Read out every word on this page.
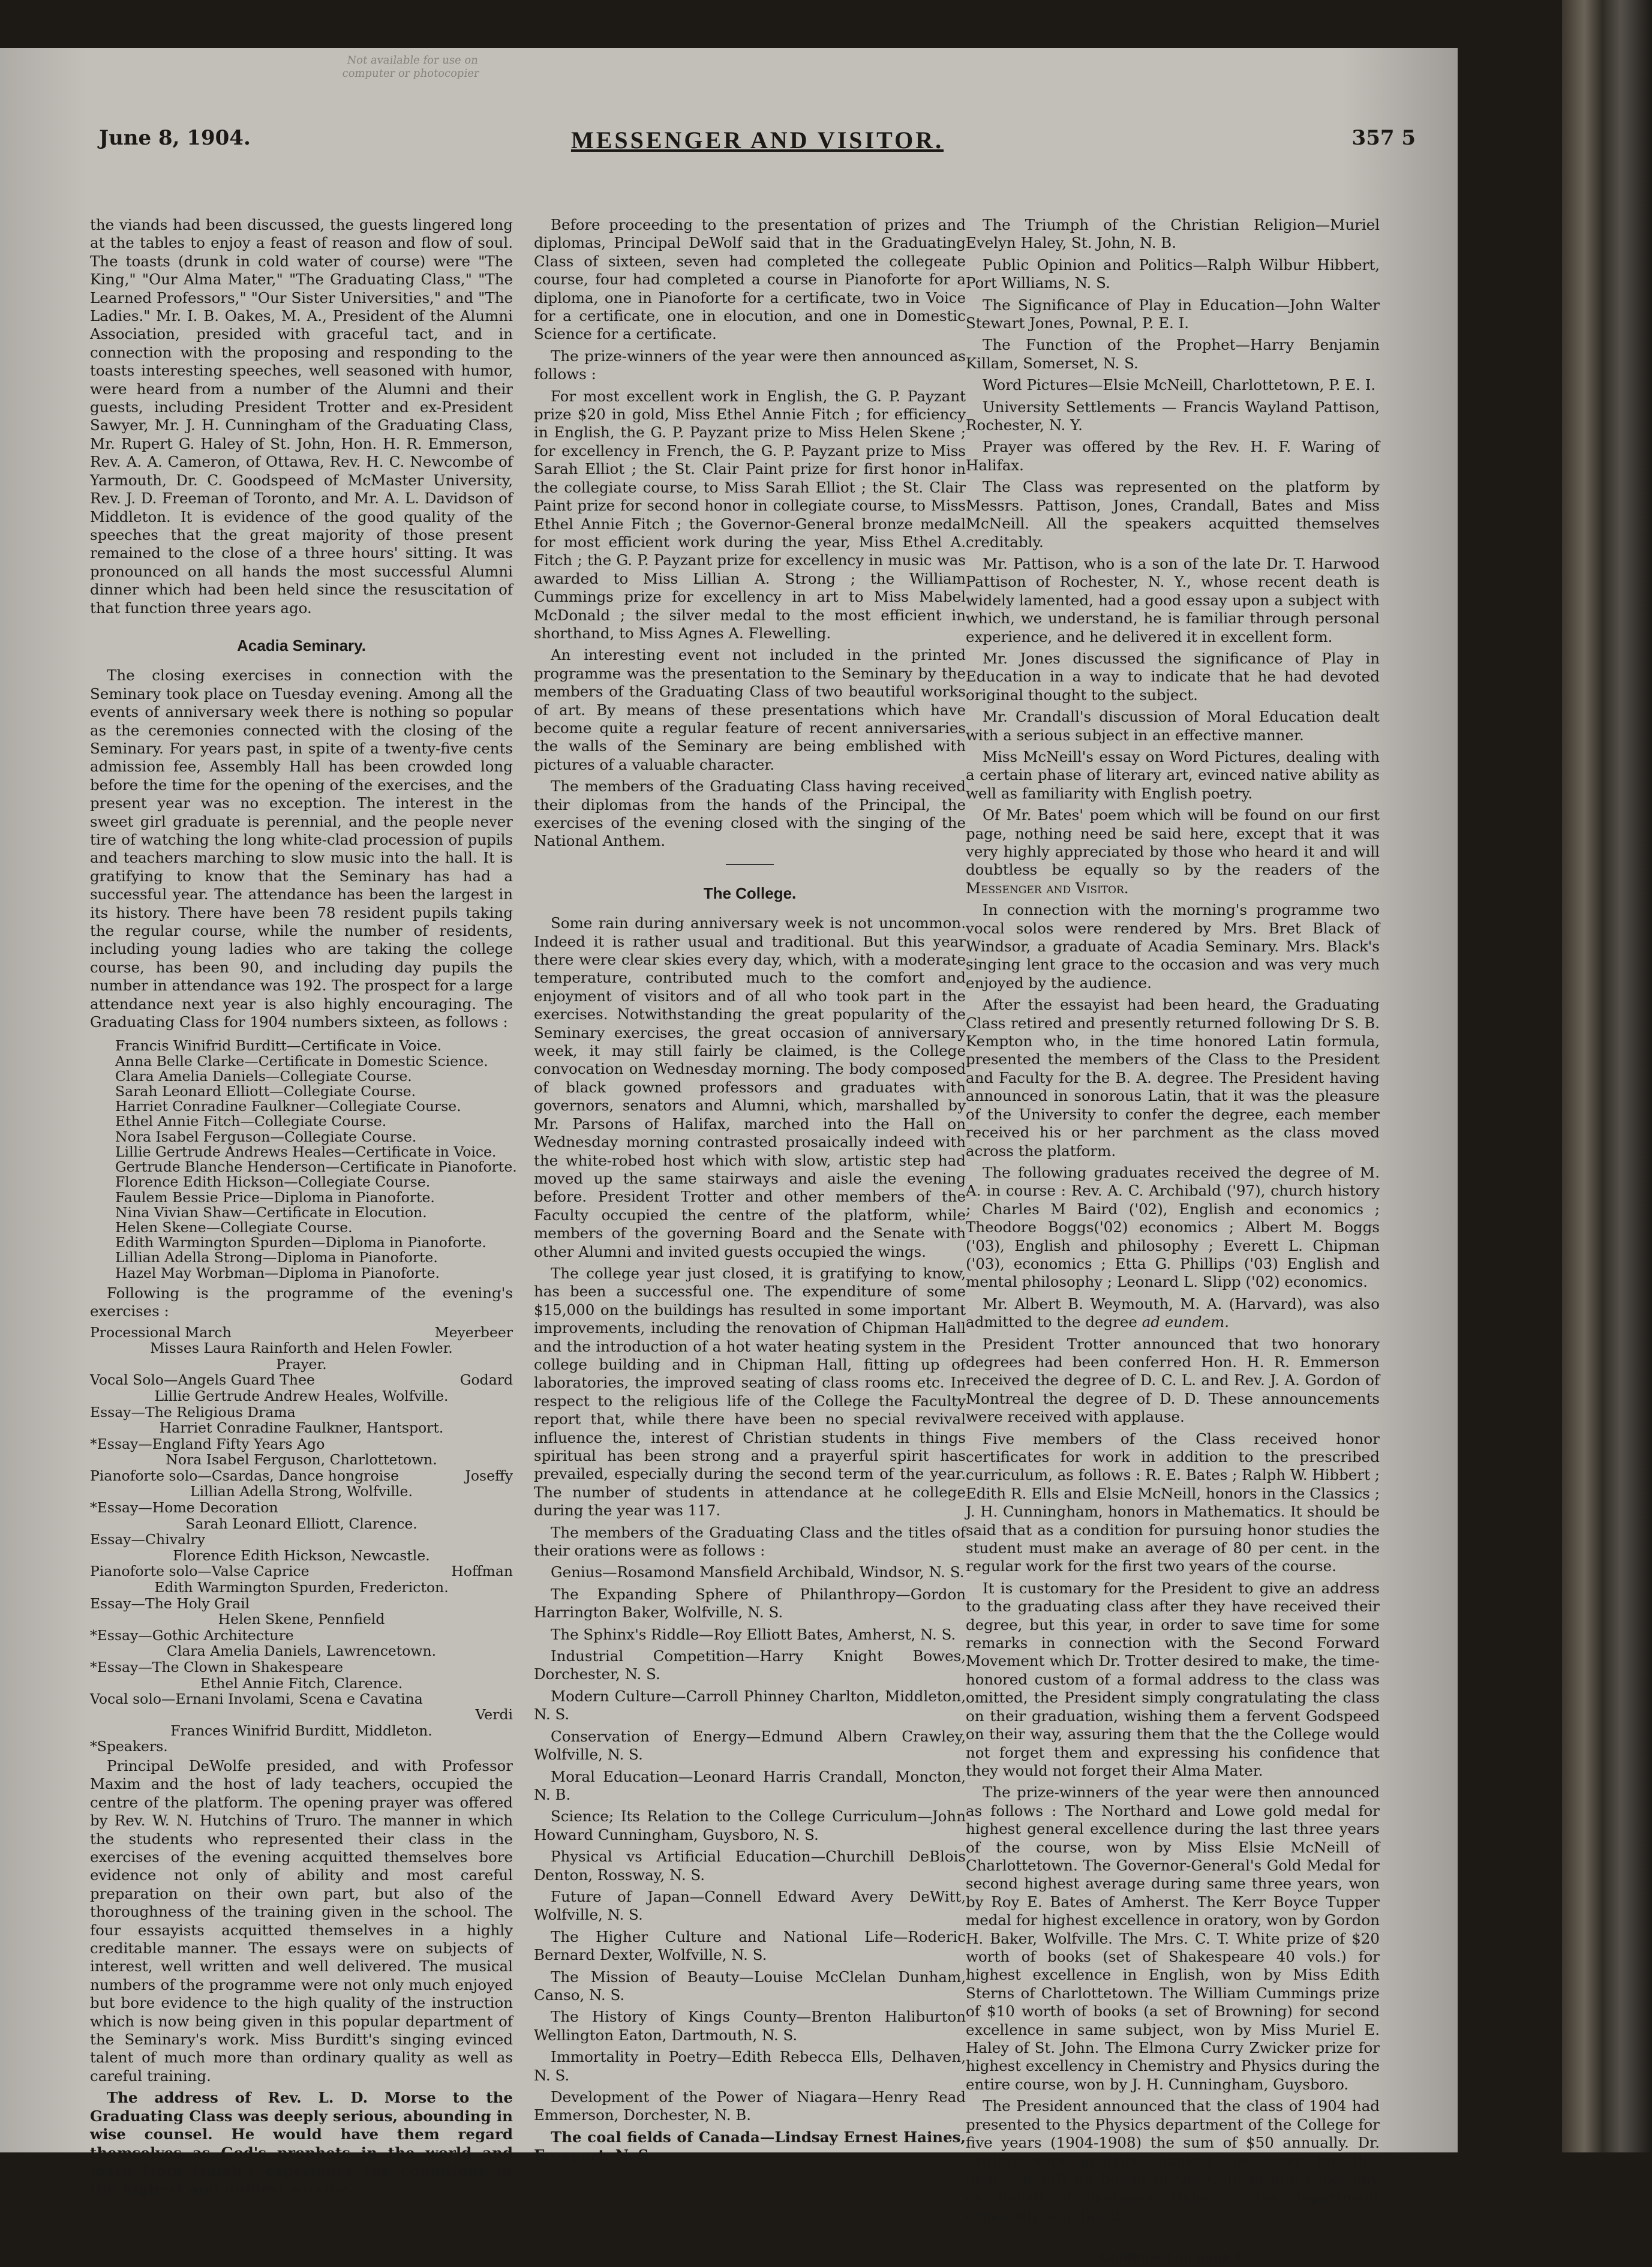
Not available for use on
computer or photocopier
June 8, 1904.	MESSENGER AND VISITOR.	357 5

the viands had been discussed, the guests lingered long at the tables to enjoy a feast of reason and flow of soul. The toasts (drunk in cold water of course) were "The King," "Our Alma Mater," "The Graduating Class," "The Learned Professors," "Our Sister Universities," and "The Ladies." Mr. I. B. Oakes, M. A., President of the Alumni Association, presided with graceful tact, and in connection with the proposing and responding to the toasts interesting speeches, well seasoned with humor, were heard from a number of the Alumni and their guests, including President Trotter and ex-President Sawyer, Mr. J. H. Cunningham of the Graduating Class, Mr. Rupert G. Haley of St. John, Hon. H. R. Emmerson, Rev. A. A. Cameron, of Ottawa, Rev. H. C. Newcombe of Yarmouth, Dr. C. Goodspeed of McMaster University, Rev. J. D. Freeman of Toronto, and Mr. A. L. Davidson of Middleton. It is evidence of the good quality of the speeches that the great majority of those present remained to the close of a three hours' sitting. It was pronounced on all hands the most successful Alumni dinner which had been held since the resuscitation of that function three years ago.

Acadia Seminary.

The closing exercises in connection with the Seminary took place on Tuesday evening. Among all the events of anniversary week there is nothing so popular as the ceremonies connected with the closing of the Seminary. For years past, in spite of a twenty-five cents admission fee, Assembly Hall has been crowded long before the time for the opening of the exercises, and the present year was no exception. The interest in the sweet girl graduate is perennial, and the people never tire of watching the long white-clad procession of pupils and teachers marching to slow music into the hall. It is gratifying to know that the Seminary has had a successful year. The attendance has been the largest in its history. There have been 78 resident pupils taking the regular course, while the number of residents, including young ladies who are taking the college course, has been 90, and including day pupils the number in attendance was 192. The prospect for a large attendance next year is also highly encouraging. The Graduating Class for 1904 numbers sixteen, as follows :

Francis Winifrid Burditt—Certificate in Voice.
Anna Belle Clarke—Certificate in Domestic Science.
Clara Amelia Daniels—Collegiate Course.
Sarah Leonard Elliott—Collegiate Course.
Harriet Conradine Faulkner—Collegiate Course.
Ethel Annie Fitch—Collegiate Course.
Nora Isabel Ferguson—Collegiate Course.
Lillie Gertrude Andrews Heales—Certificate in Voice.
Gertrude Blanche Henderson—Certificate in Pianoforte.
Florence Edith Hickson—Collegiate Course.
Faulem Bessie Price—Diploma in Pianoforte.
Nina Vivian Shaw—Certificate in Elocution.
Helen Skene—Collegiate Course.
Edith Warmington Spurden—Diploma in Pianoforte.
Lillian Adella Strong—Diploma in Pianoforte.
Hazel May Worbman—Diploma in Pianoforte.

Following is the programme of the evening's exercises :

Processional March	Meyerbeer
Misses Laura Rainforth and Helen Fowler.
Prayer.
Vocal Solo—Angels Guard Thee	Godard
Lillie Gertrude Andrew Heales, Wolfville.
Essay—The Religious Drama
Harriet Conradine Faulkner, Hantsport.
*Essay—England Fifty Years Ago
Nora Isabel Ferguson, Charlottetown.
Pianoforte solo—Csardas, Dance hongroise	Joseffy
Lillian Adella Strong, Wolfville.
*Essay—Home Decoration
Sarah Leonard Elliott, Clarence.
Essay—Chivalry
Florence Edith Hickson, Newcastle.
Pianoforte solo—Valse Caprice	Hoffman
Edith Warmington Spurden, Fredericton.
Essay—The Holy Grail
Helen Skene, Pennfield
*Essay—Gothic Architecture
Clara Amelia Daniels, Lawrencetown.
*Essay—The Clown in Shakespeare
Ethel Annie Fitch, Clarence.
Vocal solo—Ernani Involami, Scena e Cavatina
Verdi
Frances Winifrid Burditt, Middleton.
*Speakers.

Principal DeWolfe presided, and with Professor Maxim and the host of lady teachers, occupied the centre of the platform. The opening prayer was offered by Rev. W. N. Hutchins of Truro. The manner in which the students who represented their class in the exercises of the evening acquitted themselves bore evidence not only of ability and most careful preparation on their own part, but also of the thoroughness of the training given in the school. The four essayists acquitted themselves in a highly creditable manner. The essays were on subjects of interest, well written and well delivered. The musical numbers of the programme were not only much enjoyed but bore evidence to the high quality of the instruction which is now being given in this popular department of the Seminary's work. Miss Burditt's singing evinced talent of much more than ordinary quality as well as careful training.

The address of Rev. L. D. Morse to the Graduating Class was deeply serious, abounding in wise counsel. He would have them regard themselves as God's prophets in the world and learn from Isaiah's experience the conditions of the highest and noblest service.

Before proceeding to the presentation of prizes and diplomas, Principal DeWolf said that in the Graduating Class of sixteen, seven had completed the collegeate course, four had completed a course in Pianoforte for a diploma, one in Pianoforte for a certificate, two in Voice for a certificate, one in elocution, and one in Domestic Science for a certificate.

The prize-winners of the year were then announced as follows :

For most excellent work in English, the G. P. Payzant prize $20 in gold, Miss Ethel Annie Fitch ; for efficiency in English, the G. P. Payzant prize to Miss Helen Skene ; for excellency in French, the G. P. Payzant prize to Miss Sarah Elliot ; the St. Clair Paint prize for first honor in the collegiate course, to Miss Sarah Elliot ; the St. Clair Paint prize for second honor in collegiate course, to Miss Ethel Annie Fitch ; the Governor-General bronze medal for most efficient work during the year, Miss Ethel A. Fitch ; the G. P. Payzant prize for excellency in music was awarded to Miss Lillian A. Strong ; the William Cummings prize for excellency in art to Miss Mabel McDonald ; the silver medal to the most efficient in shorthand, to Miss Agnes A. Flewelling.

An interesting event not included in the printed programme was the presentation to the Seminary by the members of the Graduating Class of two beautiful works of art. By means of these presentations which have become quite a regular feature of recent anniversaries the walls of the Seminary are being emblished with pictures of a valuable character.

The members of the Graduating Class having received their diplomas from the hands of the Principal, the exercises of the evening closed with the singing of the National Anthem.

The College.

Some rain during anniversary week is not uncommon. Indeed it is rather usual and traditional. But this year there were clear skies every day, which, with a moderate temperature, contributed much to the comfort and enjoyment of visitors and of all who took part in the exercises. Notwithstanding the great popularity of the Seminary exercises, the great occasion of anniversary week, it may still fairly be claimed, is the College convocation on Wednesday morning. The body composed of black gowned professors and graduates with governors, senators and Alumni, which, marshalled by Mr. Parsons of Halifax, marched into the Hall on Wednesday morning contrasted prosaically indeed with the white-robed host which with slow, artistic step had moved up the same stairways and aisle the evening before. President Trotter and other members of the Faculty occupied the centre of the platform, while members of the governing Board and the Senate with other Alumni and invited guests occupied the wings.

The college year just closed, it is gratifying to know, has been a successful one. The expenditure of some $15,000 on the buildings has resulted in some important improvements, including the renovation of Chipman Hall and the introduction of a hot water heating system in the college building and in Chipman Hall, fitting up of laboratories, the improved seating of class rooms etc. In respect to the religious life of the College the Faculty report that, while there have been no special revival influence the, interest of Christian students in things spiritual has been strong and a prayerful spirit has prevailed, especially during the second term of the year. The number of students in attendance at he college during the year was 117.

The members of the Graduating Class and the titles of their orations were as follows :

Genius—Rosamond Mansfield Archibald, Windsor, N. S.

The Expanding Sphere of Philanthropy—Gordon Harrington Baker, Wolfville, N. S.

The Sphinx's Riddle—Roy Elliott Bates, Amherst, N. S.

Industrial Competition—Harry Knight Bowes, Dorchester, N. S.

Modern Culture—Carroll Phinney Charlton, Middleton, N. S.

Conservation of Energy—Edmund Albern Crawley, Wolfville, N. S.

Moral Education—Leonard Harris Crandall, Moncton, N. B.

Science; Its Relation to the College Curriculum—John Howard Cunningham, Guysboro, N. S.

Physical vs Artificial Education—Churchill DeBlois Denton, Rossway, N. S.

Future of Japan—Connell Edward Avery DeWitt, Wolfville, N. S.

The Higher Culture and National Life—Roderic Bernard Dexter, Wolfville, N. S.

The Mission of Beauty—Louise McClelan Dunham, Canso, N. S.

The History of Kings County—Brenton Haliburton Wellington Eaton, Dartmouth, N. S.

Immortality in Poetry—Edith Rebecca Ells, Delhaven, N. S.

Development of the Power of Niagara—Henry Read Emmerson, Dorchester, N. B.

The coal fields of Canada—Lindsay Ernest Haines, Freeport, N. S.

The Triumph of the Christian Religion—Muriel Evelyn Haley, St. John, N. B.

Public Opinion and Politics—Ralph Wilbur Hibbert, Port Williams, N. S.

The Significance of Play in Education—John Walter Stewart Jones, Pownal, P. E. I.

The Function of the Prophet—Harry Benjamin Killam, Somerset, N. S.

Word Pictures—Elsie McNeill, Charlottetown, P. E. I.

University Settlements — Francis Wayland Pattison, Rochester, N. Y.

Prayer was offered by the Rev. H. F. Waring of Halifax.

The Class was represented on the platform by Messrs. Pattison, Jones, Crandall, Bates and Miss McNeill. All the speakers acquitted themselves creditably.

Mr. Pattison, who is a son of the late Dr. T. Harwood Pattison of Rochester, N. Y., whose recent death is widely lamented, had a good essay upon a subject with which, we understand, he is familiar through personal experience, and he delivered it in excellent form.

Mr. Jones discussed the significance of Play in Education in a way to indicate that he had devoted original thought to the subject.

Mr. Crandall's discussion of Moral Education dealt with a serious subject in an effective manner.

Miss McNeill's essay on Word Pictures, dealing with a certain phase of literary art, evinced native ability as well as familiarity with English poetry.

Of Mr. Bates' poem which will be found on our first page, nothing need be said here, except that it was very highly appreciated by those who heard it and will doubtless be equally so by the readers of the Messenger and Visitor.

In connection with the morning's programme two vocal solos were rendered by Mrs. Bret Black of Windsor, a graduate of Acadia Seminary. Mrs. Black's singing lent grace to the occasion and was very much enjoyed by the audience.

After the essayist had been heard, the Graduating Class retired and presently returned following Dr S. B. Kempton who, in the time honored Latin formula, presented the members of the Class to the President and Faculty for the B. A. degree. The President having announced in sonorous Latin, that it was the pleasure of the University to confer the degree, each member received his or her parchment as the class moved across the platform.

The following graduates received the degree of M. A. in course : Rev. A. C. Archibald ('97), church history ; Charles M Baird ('02), English and economics ; Theodore Boggs('02) economics ; Albert M. Boggs ('03), English and philosophy ; Everett L. Chipman ('03), economics ; Etta G. Phillips ('03) English and mental philosophy ; Leonard L. Slipp ('02) economics.

Mr. Albert B. Weymouth, M. A. (Harvard), was also admitted to the degree ad eundem.

President Trotter announced that two honorary degrees had been conferred Hon. H. R. Emmerson received the degree of D. C. L. and Rev. J. A. Gordon of Montreal the degree of D. D. These announcements were received with applause.

Five members of the Class received honor certificates for work in addition to the prescribed curriculum, as follows : R. E. Bates ; Ralph W. Hibbert ; Edith R. Ells and Elsie McNeill, honors in the Classics ; J. H. Cunningham, honors in Mathematics. It should be said that as a condition for pursuing honor studies the student must make an average of 80 per cent. in the regular work for the first two years of the course.

It is customary for the President to give an address to the graduating class after they have received their degree, but this year, in order to save time for some remarks in connection with the Second Forward Movement which Dr. Trotter desired to make, the time-honored custom of a formal address to the class was omitted, the President simply congratulating the class on their graduation, wishing them a fervent Godspeed on their way, assuring them that the the College would not forget them and expressing his confidence that they would not forget their Alma Mater.

The prize-winners of the year were then announced as follows : The Northard and Lowe gold medal for highest general excellence during the last three years of the course, won by Miss Elsie McNeill of Charlottetown. The Governor-General's Gold Medal for second highest average during same three years, won by Roy E. Bates of Amherst. The Kerr Boyce Tupper medal for highest excellence in oratory, won by Gordon H. Baker, Wolfville. The Mrs. C. T. White prize of $20 worth of books (set of Shakespeare 40 vols.) for highest excellence in English, won by Miss Edith Sterns of Charlottetown. The William Cummings prize of $10 worth of books (a set of Browning) for second excellence in same subject, won by Miss Muriel E. Haley of St. John. The Elmona Curry Zwicker prize for highest excellency in Chemistry and Physics during the entire course, won by J. H. Cunningham, Guysboro.

The President announced that the class of 1904 had presented to the Physics department of the College for five years (1904-1908) the sum of $50 annually. Dr. Trotter very heartily thanked the class for this generous gift on behalf of the College and especially on behalf of Professor Haley of the department especially benefitted.

Continued on page 8.
